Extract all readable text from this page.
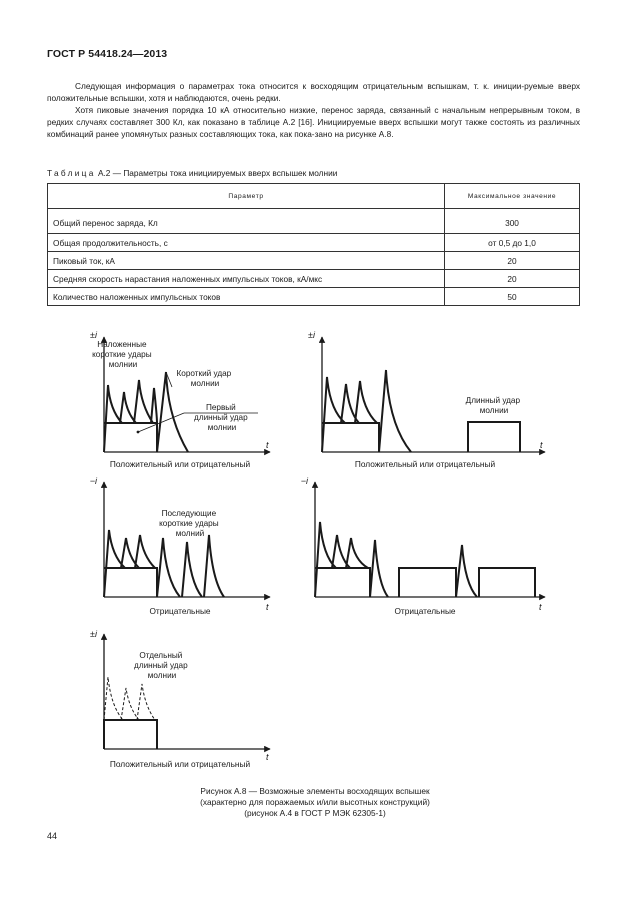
ГОСТ Р 54418.24—2013
Следующая информация о параметрах тока относится к восходящим отрицательным вспышкам, т. к. иниции-руемые вверх положительные вспышки, хотя и наблюдаются, очень редки.
Хотя пиковые значения порядка 10 кА относительно низкие, перенос заряда, связанный с начальным непрерывным током, в редких случаях составляет 300 Кл, как показано в таблице А.2 [16]. Инициируемые вверх вспышки могут также состоять из различных комбинаций ранее упомянутых разных составляющих тока, как пока-зано на рисунке А.8.
Таблица А.2 — Параметры тока инициируемых вверх вспышек молнии
Параметр	Максимальное значение
Общий перенос заряда, Кл	300
Общая продолжительность, с	от 0,5 до 1,0
Пиковый ток, кА	20
Средняя скорость нарастания наложенных импульсных токов, кА/мкс	20
Количество наложенных импульсных токов	50
±i
t
Наложенные короткие удары молнии
Короткий удар молнии
Первый длинный удар молнии
Положительный или отрицательный
±i
t
Длинный удар молнии
Положительный или отрицательный
−i
t
Последующие короткие удары молний
Отрицательные
−i
t
Отрицательные
±i
t
Отдельный длинный удар молнии
Положительный или отрицательный
Рисунок А.8 — Возможные элементы восходящих вспышек
(характерно для поражаемых и/или высотных конструкций)
(рисунок А.4 в ГОСТ Р МЭК 62305-1)
44
